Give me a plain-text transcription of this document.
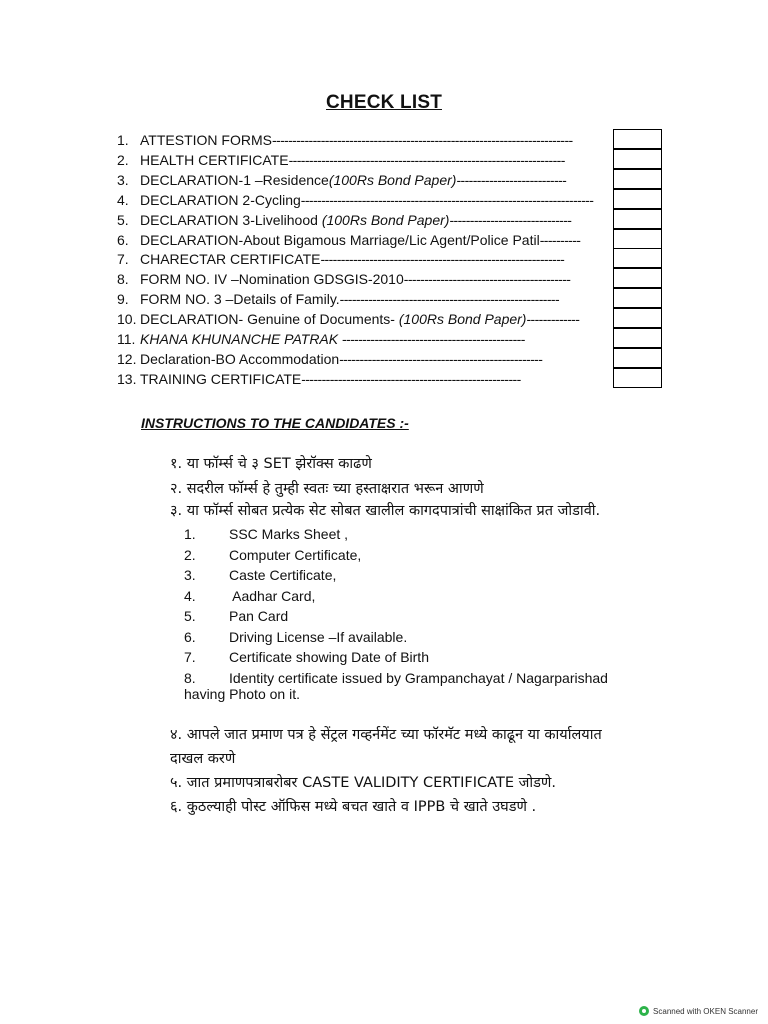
CHECK LIST
1. ATTESTION FORMS--------------------------------------------------------------------------
2. HEALTH CERTIFICATE--------------------------------------------------------------------
3. DECLARATION-1 –Residence(100Rs Bond Paper)---------------------------
4. DECLARATION 2-Cycling------------------------------------------------------------------------
5. DECLARATION 3-Livelihood (100Rs Bond Paper)------------------------------
6. DECLARATION-About Bigamous Marriage/Lic Agent/Police Patil----------
7. CHARECTAR CERTIFICATE------------------------------------------------------------
8. FORM NO. IV –Nomination GDSGIS-2010-----------------------------------------
9. FORM NO. 3 –Details of Family.------------------------------------------------------
10. DECLARATION- Genuine of Documents- (100Rs Bond Paper)-------------
11. KHANA KHUNANCHE PATRAK ---------------------------------------------
12. Declaration-BO Accommodation--------------------------------------------------
13. TRAINING CERTIFICATE------------------------------------------------------
INSTRUCTIONS TO THE CANDIDATES :-
१. या फॉर्म्स चे ३ SET झेरॉक्स काढणे
२. सदरील फॉर्म्स हे तुम्ही स्वतः च्या हस्ताक्षरात भरून आणणे
३. या फॉर्म्स सोबत प्रत्येक सेट सोबत खालील कागदपात्रांची साक्षांकित प्रत जोडावी.
1. SSC Marks Sheet ,
2. Computer Certificate,
3. Caste Certificate,
4. Aadhar Card,
5. Pan Card
6. Driving License –If available.
7. Certificate showing Date of Birth
8. Identity certificate issued by Grampanchayat / Nagarparishad
having Photo on it.
४. आपले जात प्रमाण पत्र हे सेंट्रल गव्हर्नमेंट च्या फॉरमॅट मध्ये काढून या कार्यालयात
दाखल करणे
५. जात प्रमाणपत्राबरोबर CASTE VALIDITY CERTIFICATE जोडणे.
६. कुठल्याही पोस्ट ऑफिस मध्ये बचत खाते व IPPB चे खाते उघडणे .
Scanned with OKEN Scanner
